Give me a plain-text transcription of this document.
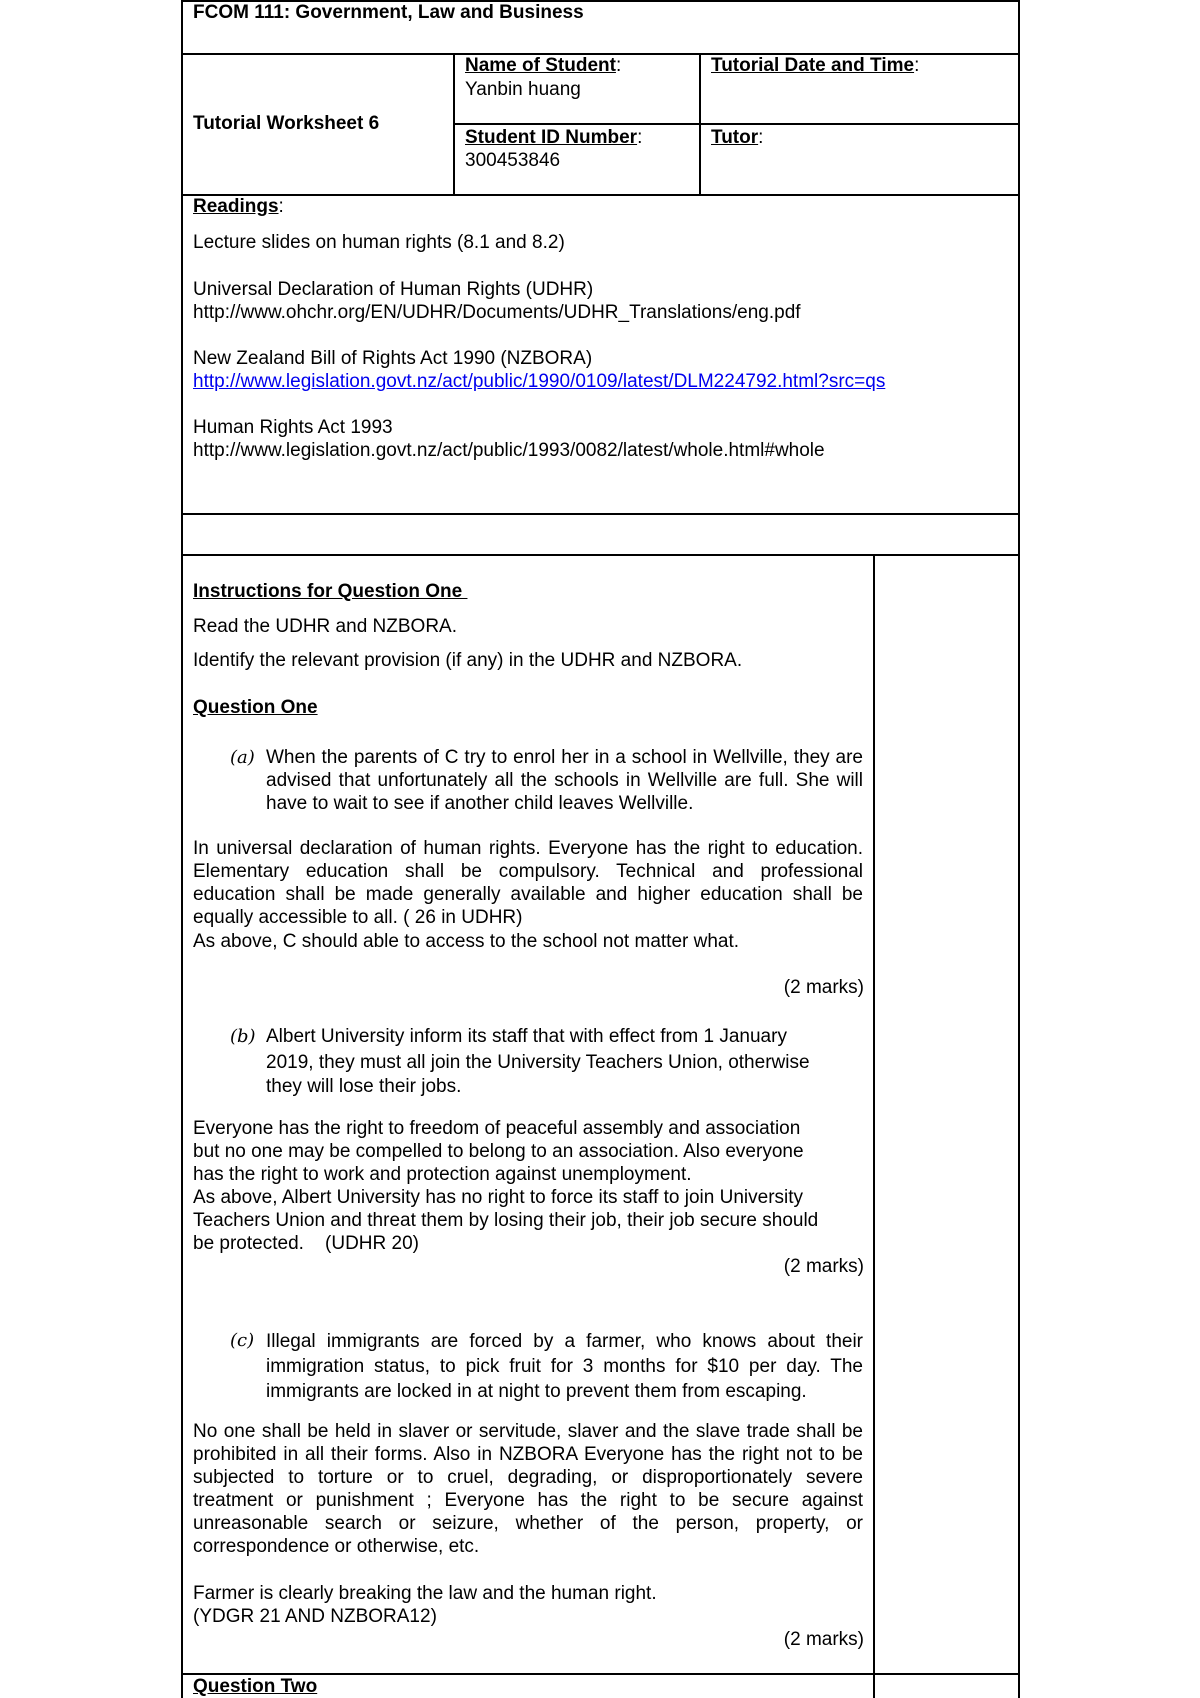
FCOM 111: Government, Law and Business
Tutorial Worksheet 6
Name of Student:
Yanbin huang
Tutorial Date and Time:
Student ID Number:
300453846
Tutor:
Readings:
Lecture slides on human rights (8.1 and 8.2)
Universal Declaration of Human Rights (UDHR)
http://www.ohchr.org/EN/UDHR/Documents/UDHR_Translations/eng.pdf
New Zealand Bill of Rights Act 1990 (NZBORA)
http://www.legislation.govt.nz/act/public/1990/0109/latest/DLM224792.html?src=qs
Human Rights Act 1993
http://www.legislation.govt.nz/act/public/1993/0082/latest/whole.html#whole
Instructions for Question One
Read the UDHR and NZBORA.
Identify the relevant provision (if any) in the UDHR and NZBORA.
Question One
(a) When the parents of C try to enrol her in a school in Wellville, they are advised that unfortunately all the schools in Wellville are full. She will have to wait to see if another child leaves Wellville.
In universal declaration of human rights. Everyone has the right to education. Elementary education shall be compulsory. Technical and professional education shall be made generally available and higher education shall be equally accessible to all. ( 26 in UDHR)
As above, C should able to access to the school not matter what.
(2 marks)
(b) Albert University inform its staff that with effect from 1 January
2019, they must all join the University Teachers Union, otherwise
they will lose their jobs.
Everyone has the right to freedom of peaceful assembly and association
but no one may be compelled to belong to an association. Also everyone
has the right to work and protection against unemployment.
As above, Albert University has no right to force its staff to join University
Teachers Union and threat them by losing their job, their job secure should
be protected.    (UDHR 20)
(2 marks)
(c) Illegal immigrants are forced by a farmer, who knows about their immigration status, to pick fruit for 3 months for $10 per day. The immigrants are locked in at night to prevent them from escaping.
No one shall be held in slaver or servitude, slaver and the slave trade shall be prohibited in all their forms. Also in NZBORA Everyone has the right not to be subjected to torture or to cruel, degrading, or disproportionately severe treatment or punishment ; Everyone has the right to be secure against unreasonable search or seizure, whether of the person, property, or correspondence or otherwise, etc.
Farmer is clearly breaking the law and the human right.
(YDGR 21 AND NZBORA12)
(2 marks)
Question Two
